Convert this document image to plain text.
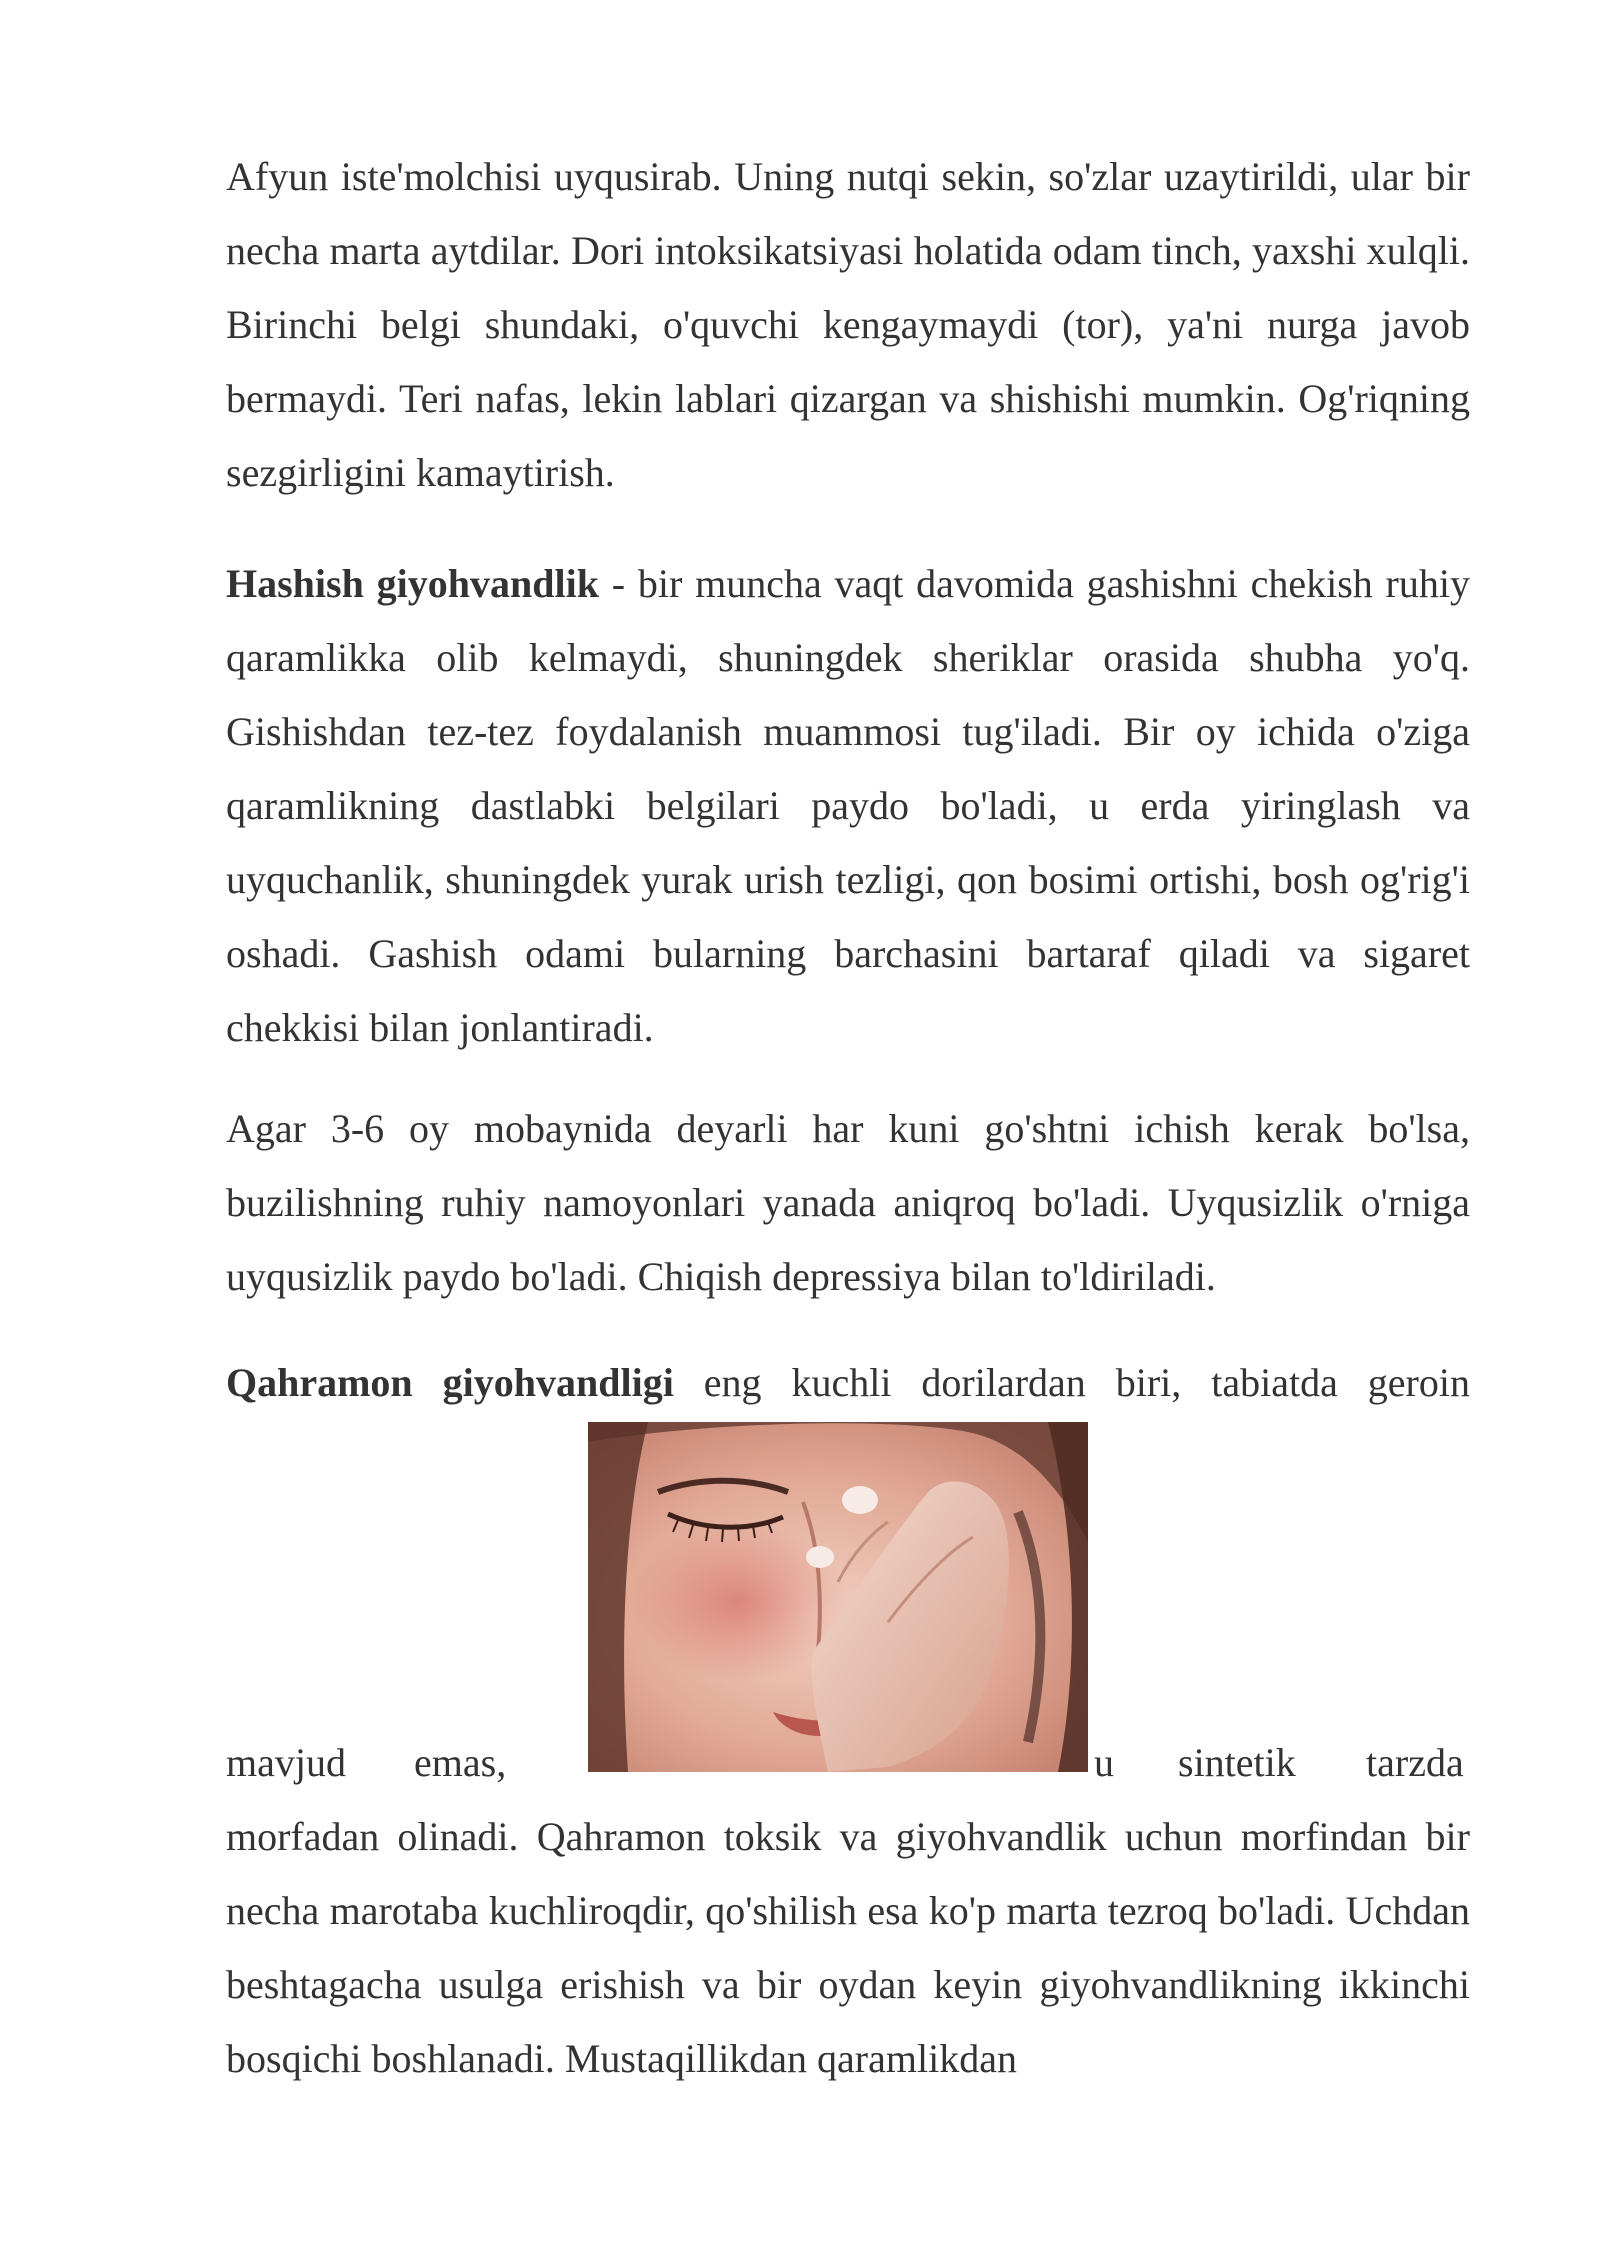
Afyun iste'molchisi uyqusirab. Uning nutqi sekin, so'zlar uzaytirildi, ular bir necha marta aytdilar. Dori intoksikatsiyasi holatida odam tinch, yaxshi xulqli. Birinchi belgi shundaki, o'quvchi kengaymaydi (tor), ya'ni nurga javob bermaydi. Teri nafas, lekin lablari qizargan va shishishi mumkin. Og'riqning sezgirligini kamaytirish.

Hashish giyohvandlik - bir muncha vaqt davomida gashishni chekish ruhiy qaramlikka olib kelmaydi, shuningdek sheriklar orasida shubha yo'q. Gishishdan tez-tez foydalanish muammosi tug'iladi. Bir oy ichida o'ziga qaramlikning dastlabki belgilari paydo bo'ladi, u erda yiringlash va uyquchanlik, shuningdek yurak urish tezligi, qon bosimi ortishi, bosh og'rig'i oshadi. Gashish odami bularning barchasini bartaraf qiladi va sigaret chekkisi bilan jonlantiradi.

Agar 3-6 oy mobaynida deyarli har kuni go'shtni ichish kerak bo'lsa, buzilishning ruhiy namoyonlari yanada aniqroq bo'ladi. Uyqusizlik o'rniga uyqusizlik paydo bo'ladi. Chiqish depressiya bilan to'ldiriladi.

Qahramon giyohvandligi eng kuchli dorilardan biri, tabiatda geroin

mavjud emas,	u sintetik tarzda

morfadan olinadi. Qahramon toksik va giyohvandlik uchun morfindan bir necha marotaba kuchliroqdir, qo'shilish esa ko'p marta tezroq bo'ladi. Uchdan beshtagacha usulga erishish va bir oydan keyin giyohvandlikning ikkinchi bosqichi boshlanadi. Mustaqillikdan qaramlikdan
